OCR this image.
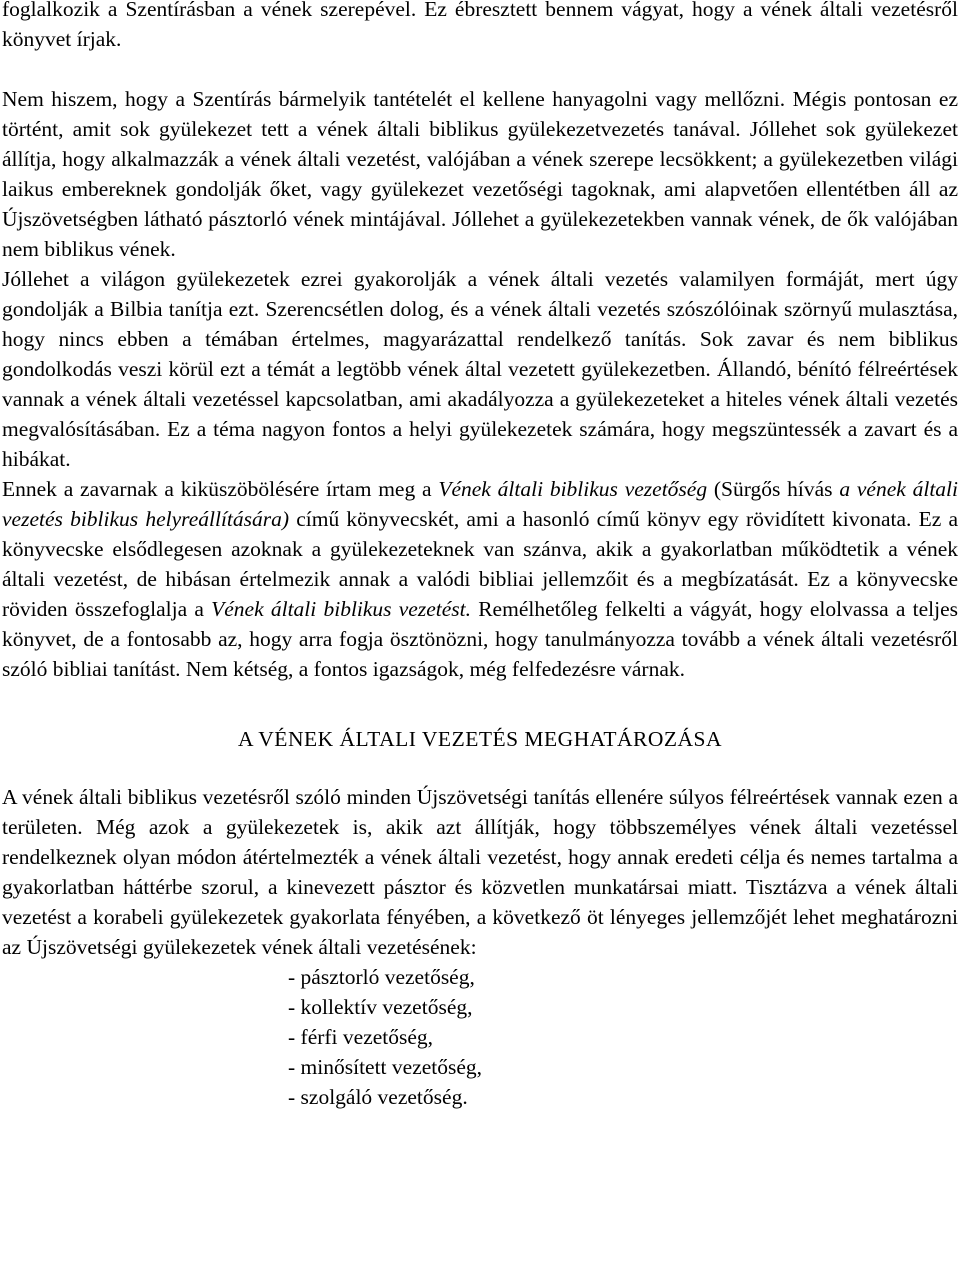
foglalkozik a Szentírásban a vének szerepével. Ez ébresztett bennem vágyat, hogy a vének általi vezetésről könyvet írjak.

Nem hiszem, hogy a Szentírás bármelyik tantételét el kellene hanyagolni vagy mellőzni. Mégis pontosan ez történt, amit sok gyülekezet tett a vének általi biblikus gyülekezetvezetés tanával. Jóllehet sok gyülekezet állítja, hogy alkalmazzák a vének általi vezetést, valójában a vének szerepe lecsökkent; a gyülekezetben világi laikus embereknek gondolják őket, vagy gyülekezet vezetőségi tagoknak, ami alapvetően ellentétben áll az Újszövetségben látható pásztorló vének mintájával. Jóllehet a gyülekezetekben vannak vének, de ők valójában nem biblikus vének.

Jóllehet a világon gyülekezetek ezrei gyakorolják a vének általi vezetés valamilyen formáját, mert úgy gondolják a Bilbia tanítja ezt. Szerencsétlen dolog, és a vének általi vezetés szószólóinak szörnyű mulasztása, hogy nincs ebben a témában értelmes, magyarázattal rendelkező tanítás. Sok zavar és nem biblikus gondolkodás veszi körül ezt a témát a legtöbb vének által vezetett gyülekezetben. Állandó, bénító félreértések vannak a vének általi vezetéssel kapcsolatban, ami akadályozza a gyülekezeteket a hiteles vének általi vezetés megvalósításában. Ez a téma nagyon fontos a helyi gyülekezetek számára, hogy megszüntessék a zavart és a hibákat.

Ennek a zavarnak a kiküszöbölésére írtam meg a Vének általi biblikus vezetőség (Sürgős hívás a vének általi vezetés biblikus helyreállítására) című könyvecskét, ami a hasonló című könyv egy rövidített kivonata. Ez a könyvecske elsődlegesen azoknak a gyülekezeteknek van szánva, akik a gyakorlatban működtetik a vének általi vezetést, de hibásan értelmezik annak a valódi bibliai jellemzőit és a megbízatását. Ez a könyvecske röviden összefoglalja a Vének általi biblikus vezetést. Remélhetőleg felkelti a vágyát, hogy elolvassa a teljes könyvet, de a fontosabb az, hogy arra fogja ösztönözni, hogy tanulmányozza tovább a vének általi vezetésről szóló bibliai tanítást. Nem kétség, a fontos igazságok, még felfedezésre várnak.

A VÉNEK ÁLTALI VEZETÉS MEGHATÁROZÁSA

A vének általi biblikus vezetésről szóló minden Újszövetségi tanítás ellenére súlyos félreértések vannak ezen a területen. Még azok a gyülekezetek is, akik azt állítják, hogy többszemélyes vének általi vezetéssel rendelkeznek olyan módon átértelmezték a vének általi vezetést, hogy annak eredeti célja és nemes tartalma a gyakorlatban háttérbe szorul, a kinevezett pásztor és közvetlen munkatársai miatt. Tisztázva a vének általi vezetést a korabeli gyülekezetek gyakorlata fényében, a következő öt lényeges jellemzőjét lehet meghatározni az Újszövetségi gyülekezetek vének általi vezetésének:

- pásztorló vezetőség,
- kollektív vezetőség,
- férfi vezetőség,
- minősített vezetőség,
- szolgáló vezetőség.
